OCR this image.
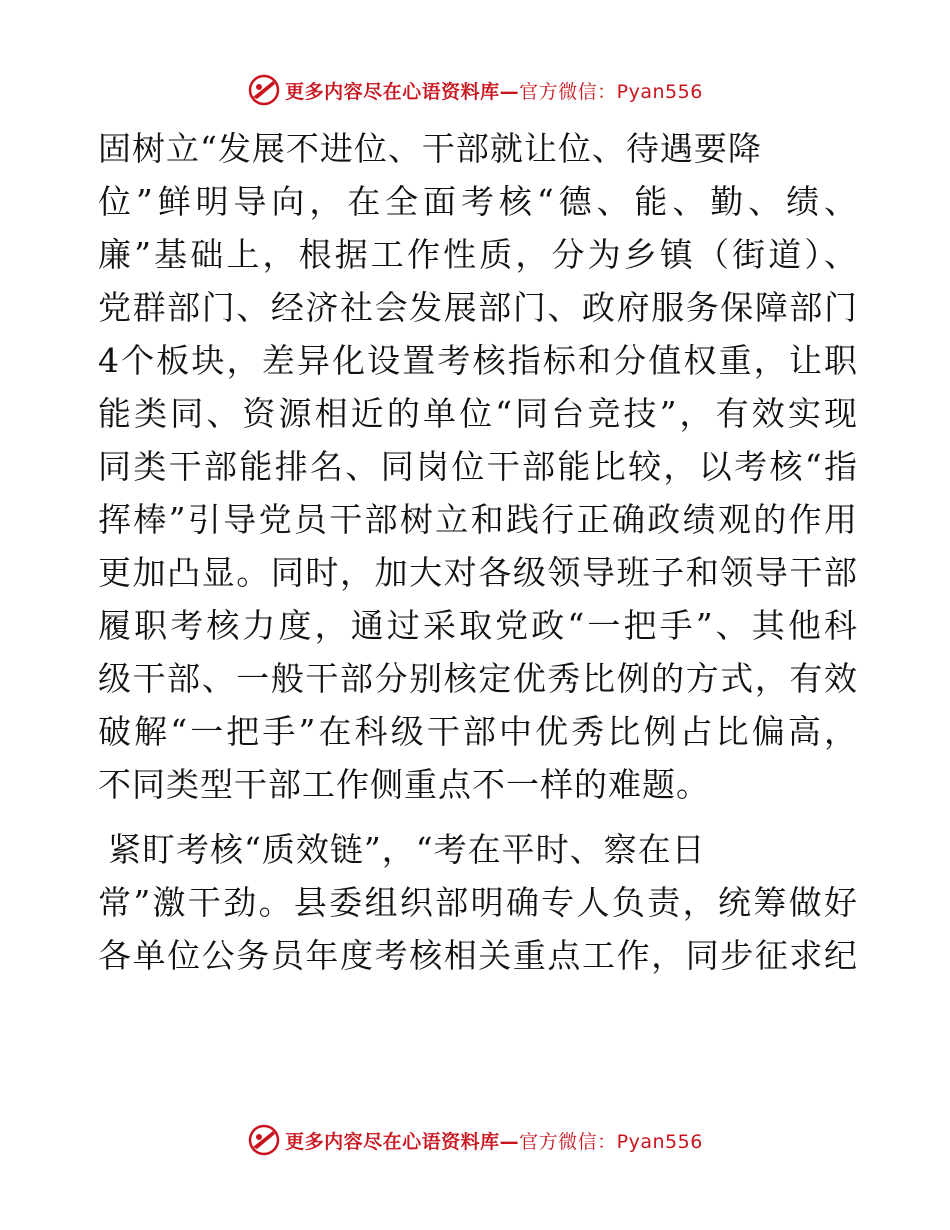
更多内容尽在心语资料库—官方微信：Pyan556
固树立“发展不进位、干部就让位、待遇要降
位”鲜明导向，在全面考核“德、能、勤、绩、
廉”基础上，根据工作性质，分为乡镇（街道）、
党群部门、经济社会发展部门、政府服务保障部门
4个板块，差异化设置考核指标和分值权重，让职
能类同、资源相近的单位“同台竞技”，有效实现
同类干部能排名、同岗位干部能比较，以考核“指
挥棒”引导党员干部树立和践行正确政绩观的作用
更加凸显。同时，加大对各级领导班子和领导干部
履职考核力度，通过采取党政“一把手”、其他科
级干部、一般干部分别核定优秀比例的方式，有效
破解“一把手”在科级干部中优秀比例占比偏高，
不同类型干部工作侧重点不一样的难题。
紧盯考核“质效链”，“考在平时、察在日
常”激干劲。县委组织部明确专人负责，统筹做好
各单位公务员年度考核相关重点工作，同步征求纪
更多内容尽在心语资料库—官方微信：Pyan556
